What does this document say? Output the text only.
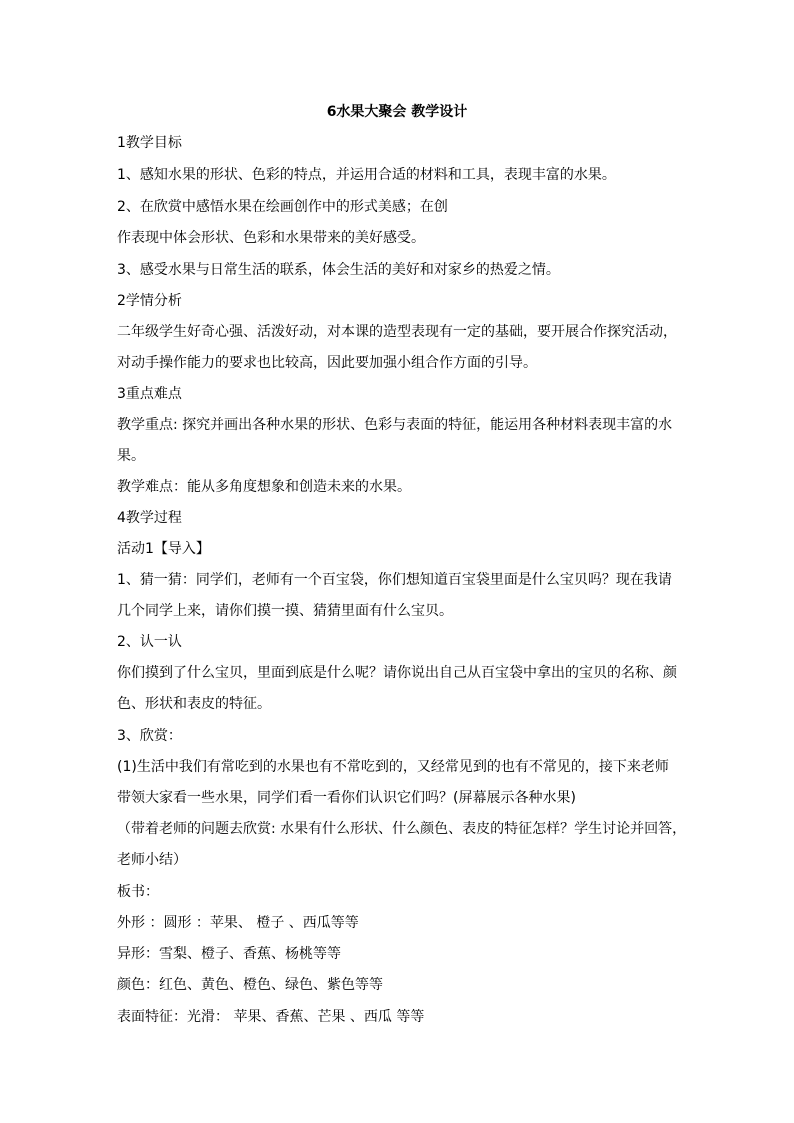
6水果大聚会 教学设计
1教学目标
1、感知水果的形状、色彩的特点，并运用合适的材料和工具，表现丰富的水果。
2、在欣赏中感悟水果在绘画创作中的形式美感；在创
作表现中体会形状、色彩和水果带来的美好感受。
3、感受水果与日常生活的联系，体会生活的美好和对家乡的热爱之情。
2学情分析
二年级学生好奇心强、活泼好动，对本课的造型表现有一定的基础，要开展合作探究活动，
对动手操作能力的要求也比较高，因此要加强小组合作方面的引导。
3重点难点
教学重点: 探究并画出各种水果的形状、色彩与表面的特征，能运用各种材料表现丰富的水
果。
教学难点：能从多角度想象和创造未来的水果。
4教学过程
活动1【导入】
1、猜一猜：同学们，老师有一个百宝袋，你们想知道百宝袋里面是什么宝贝吗？现在我请
几个同学上来，请你们摸一摸、猜猜里面有什么宝贝。
2、认一认
你们摸到了什么宝贝，里面到底是什么呢？请你说出自己从百宝袋中拿出的宝贝的名称、颜
色、形状和表皮的特征。
3、欣赏：
(1)生活中我们有常吃到的水果也有不常吃到的，又经常见到的也有不常见的，接下来老师
带领大家看一些水果，同学们看一看你们认识它们吗？(屏幕展示各种水果)
（带着老师的问题去欣赏: 水果有什么形状、什么颜色、表皮的特征怎样？学生讨论并回答，
老师小结）
板书：
外形 ：圆形 ：苹果、 橙子 、西瓜等等
异形：雪梨、橙子、香蕉、杨桃等等
颜色：红色、黄色、橙色、绿色、紫色等等
表面特征：光滑： 苹果、香蕉、芒果 、西瓜 等等
